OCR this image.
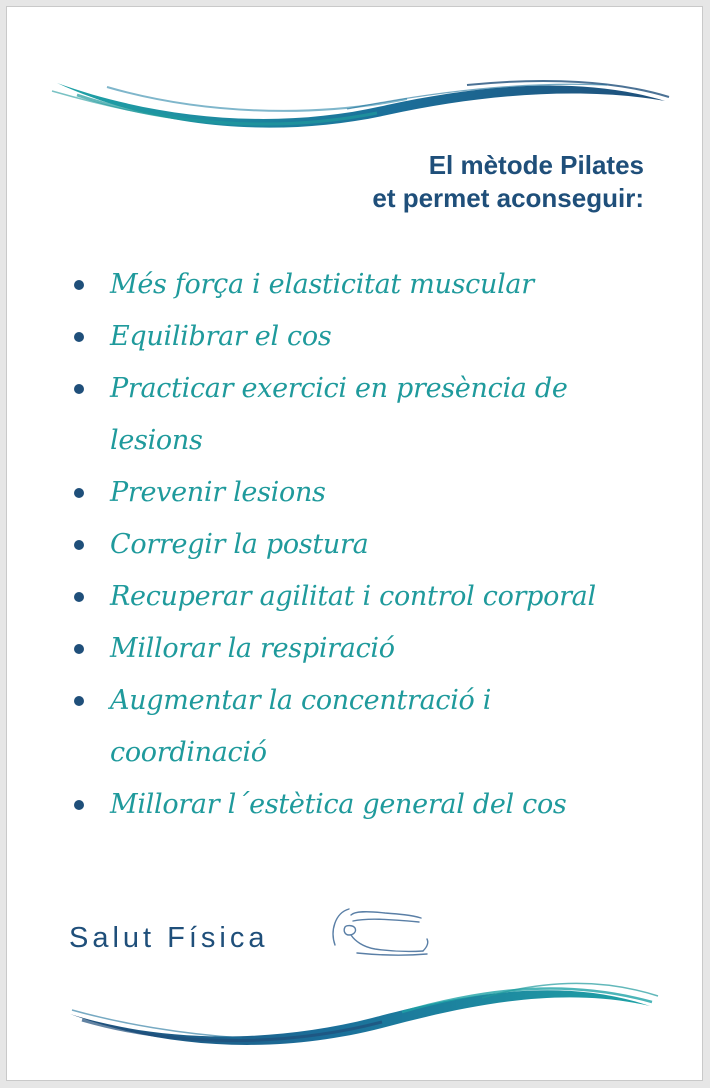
El mètode Pilates
et permet aconseguir:
Més força i elasticitat muscular
Equilibrar el cos
Practicar exercici en presència de lesions
Prevenir lesions
Corregir la postura
Recuperar agilitat i control corporal
Millorar la respiració
Augmentar la concentració i coordinació
Millorar l´estètica general del cos
Salut Física
